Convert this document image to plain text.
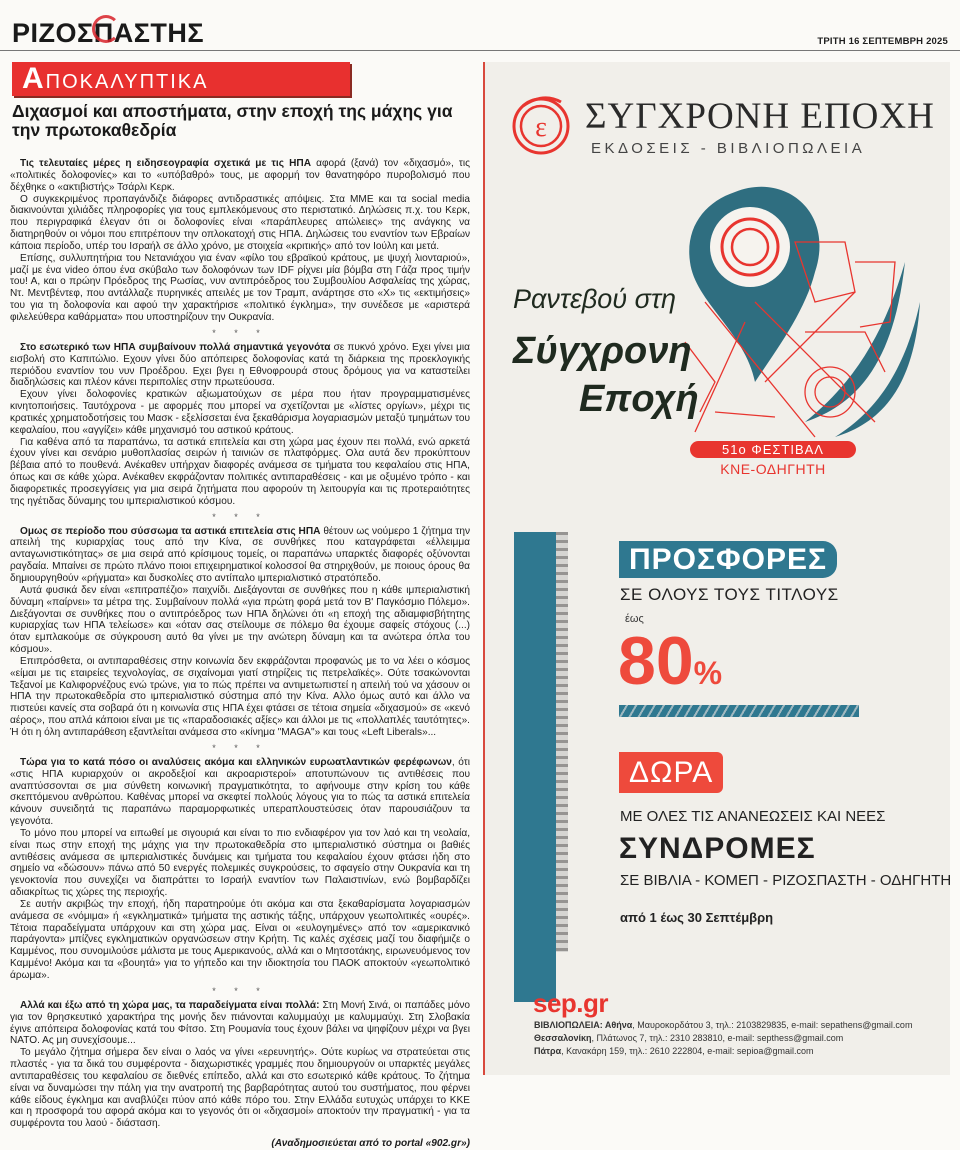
ΡΙΖΟΣΠΑΣΤΗΣ	ΤΡΙΤΗ 16 ΣΕΠΤΕΜΒΡΗ 2025
ΑΠΟΚΑΛΥΠΤΙΚΑ
Διχασμοί και αποστήματα, στην εποχή της μάχης για την πρωτοκαθεδρία

Τις τελευταίες μέρες η ειδησεογραφία σχετικά με τις ΗΠΑ αφορά (ξανά) τον «διχασμό», τις «πολιτικές δολοφονίες» και το «υπόβαθρό» τους, με αφορμή τον θανατηφόρο πυροβολισμό που δέχθηκε ο «ακτιβιστής» Τσάρλι Κερκ.

Ο συγκεκριμένος προπαγάνδιζε διάφορες αντιδραστικές απόψεις. Στα ΜΜΕ και τα social media διακινούνται χιλιάδες πληροφορίες για τους εμπλεκόμενους στο περιστατικό. Δηλώσεις π.χ. του Κερκ, που περιγραφικά έλεγαν ότι οι δολοφονίες είναι «παράπλευρες απώλειες» της ανάγκης να διατηρηθούν οι νόμοι που επιτρέπουν την οπλοκατοχή στις ΗΠΑ. Δηλώσεις του εναντίον των Εβραίων κάποια περίοδο, υπέρ του Ισραήλ σε άλλο χρόνο, με στοιχεία «κριτικής» από τον Ιούλη και μετά.

Επίσης, συλλυπητήρια του Νετανιάχου για έναν «φίλο του εβραϊκού κράτους, με ψυχή λιονταριού», μαζί με ένα video όπου ένα σκύβαλο των δολοφόνων των IDF ρίχνει μία βόμβα στη Γάζα προς τιμήν του! Α, και ο πρώην Πρόεδρος της Ρωσίας, νυν αντιπρόεδρος του Συμβουλίου Ασφαλείας της χώρας, Ντ. Μεντβέντεφ, που αντάλλαζε πυρηνικές απειλές με τον Τραμπ, ανάρτησε στο «Χ» τις «εκτιμήσεις» του για τη δολοφονία και αφού την χαρακτήρισε «πολιτικό έγκλημα», την συνέδεσε με «αριστερά φιλελεύθερα καθάρματα» που υποστηρίζουν την Ουκρανία.

* * *

Στο εσωτερικό των ΗΠΑ συμβαίνουν πολλά σημαντικά γεγονότα σε πυκνό χρόνο. Εχει γίνει μια εισβολή στο Καπιτώλιο. Εχουν γίνει δύο απόπειρες δολοφονίας κατά τη διάρκεια της προεκλογικής περιόδου εναντίον του νυν Προέδρου. Εχει βγει η Εθνοφρουρά στους δρόμους για να καταστείλει διαδηλώσεις και πλέον κάνει περιπολίες στην πρωτεύουσα.

Εχουν γίνει δολοφονίες κρατικών αξιωματούχων σε μέρα που ήταν προγραμματισμένες κινητοποιήσεις. Ταυτόχρονα - με αφορμές που μπορεί να σχετίζονται με «λίστες οργίων», μέχρι τις κρατικές χρηματοδοτήσεις του Μασκ - εξελίσσεται ένα ξεκαθάρισμα λογαριασμών μεταξύ τμημάτων του κεφαλαίου, που «αγγίζει» κάθε μηχανισμό του αστικού κράτους.

Για καθένα από τα παραπάνω, τα αστικά επιτελεία και στη χώρα μας έχουν πει πολλά, ενώ αρκετά έχουν γίνει και σενάριο μυθοπλασίας σειρών ή ταινιών σε πλατφόρμες. Ολα αυτά δεν προκύπτουν βέβαια από το πουθενά. Ανέκαθεν υπήρχαν διαφορές ανάμεσα σε τμήματα του κεφαλαίου στις ΗΠΑ, όπως και σε κάθε χώρα. Ανέκαθεν εκφράζονταν πολιτικές αντιπαραθέσεις - και με οξυμένο τρόπο - και διαφορετικές προσεγγίσεις για μια σειρά ζητήματα που αφορούν τη λειτουργία και τις προτεραιότητες της ηγέτιδας δύναμης του ιμπεριαλιστικού κόσμου.

* * *

Ομως σε περίοδο που σύσσωμα τα αστικά επιτελεία στις ΗΠΑ θέτουν ως νούμερο 1 ζήτημα την απειλή της κυριαρχίας τους από την Κίνα, σε συνθήκες που καταγράφεται «έλλειμμα ανταγωνιστικότητας» σε μια σειρά από κρίσιμους τομείς, οι παραπάνω υπαρκτές διαφορές οξύνονται ραγδαία. Μπαίνει σε πρώτο πλάνο ποιοι επιχειρηματικοί κολοσσοί θα στηριχθούν, με ποιους όρους θα δημιουργηθούν «ρήγματα» και δυσκολίες στο αντίπαλο ιμπεριαλιστικό στρατόπεδο.

Αυτά φυσικά δεν είναι «επιτραπέζιο» παιχνίδι. Διεξάγονται σε συνθήκες που η κάθε ιμπεριαλιστική δύναμη «παίρνει» τα μέτρα της. Συμβαίνουν πολλά «για πρώτη φορά μετά τον Β' Παγκόσμιο Πόλεμο». Διεξάγονται σε συνθήκες που ο αντιπρόεδρος των ΗΠΑ δηλώνει ότι «η εποχή της αδιαμφισβήτητης κυριαρχίας των ΗΠΑ τελείωσε» και «όταν σας στείλουμε σε πόλεμο θα έχουμε σαφείς στόχους (...) όταν εμπλακούμε σε σύγκρουση αυτό θα γίνει με την ανώτερη δύναμη και τα ανώτερα όπλα του κόσμου».

Επιπρόσθετα, οι αντιπαραθέσεις στην κοινωνία δεν εκφράζονται προφανώς με το να λέει ο κόσμος «είμαι με τις εταιρείες τεχνολογίας, σε σιχαίνομαι γιατί στηρίζεις τις πετρελαϊκές». Ούτε τσακώνονται Τεξανοί με Καλιφορνέζους ενώ τρώνε, για το πώς πρέπει να αντιμετωπιστεί η απειλή τού να χάσουν οι ΗΠΑ την πρωτοκαθεδρία στο ιμπεριαλιστικό σύστημα από την Κίνα. Αλλο όμως αυτό και άλλο να πιστεύει κανείς στα σοβαρά ότι η κοινωνία στις ΗΠΑ έχει φτάσει σε τέτοια σημεία «διχασμού» σε «κενό αέρος», που απλά κάποιοι είναι με τις «παραδοσιακές αξίες» και άλλοι με τις «πολλαπλές ταυτότητες». Ή ότι η όλη αντιπαράθεση εξαντλείται ανάμεσα στο «κίνημα "MAGA"» και τους «Left Liberals»...

* * *

Τώρα για το κατά πόσο οι αναλύσεις ακόμα και ελληνικών ευρωατλαντικών φερέφωνων, ότι «στις ΗΠΑ κυριαρχούν οι ακροδεξιοί και ακροαριστεροί» αποτυπώνουν τις αντιθέσεις που αναπτύσσονται σε μια σύνθετη κοινωνική πραγματικότητα, το αφήνουμε στην κρίση του κάθε σκεπτόμενου ανθρώπου. Καθένας μπορεί να σκεφτεί πολλούς λόγους για το πώς τα αστικά επιτελεία κάνουν συνειδητά τις παραπάνω παραμορφωτικές υπεραπλουστεύσεις όταν παρουσιάζουν τα γεγονότα.

Το μόνο που μπορεί να ειπωθεί με σιγουριά και είναι το πιο ενδιαφέρον για τον λαό και τη νεολαία, είναι πως στην εποχή της μάχης για την πρωτοκαθεδρία στο ιμπεριαλιστικό σύστημα οι βαθιές αντιθέσεις ανάμεσα σε ιμπεριαλιστικές δυνάμεις και τμήματα του κεφαλαίου έχουν φτάσει ήδη στο σημείο να «δώσουν» πάνω από 50 ενεργές πολεμικές συγκρούσεις, το σφαγείο στην Ουκρανία και τη γενοκτονία που συνεχίζει να διαπράττει το Ισραήλ εναντίον των Παλαιστινίων, ενώ βομβαρδίζει αδιακρίτως τις χώρες της περιοχής.

Σε αυτήν ακριβώς την εποχή, ήδη παρατηρούμε ότι ακόμα και στα ξεκαθαρίσματα λογαριασμών ανάμεσα σε «νόμιμα» ή «εγκληματικά» τμήματα της αστικής τάξης, υπάρχουν γεωπολιτικές «ουρές». Τέτοια παραδείγματα υπάρχουν και στη χώρα μας. Είναι οι «ευλογημένες» από τον «αμερικανικό παράγοντα» μπίζνες εγκληματικών οργανώσεων στην Κρήτη. Τις καλές σχέσεις μαζί του διαφήμιζε ο Καμμένος, που συνομιλούσε μάλιστα με τους Αμερικανούς, αλλά και ο Μητσοτάκης, ειρωνευόμενος τον Καμμένο! Ακόμα και τα «βουητά» για το γήπεδο και την ιδιοκτησία του ΠΑΟΚ αποκτούν «γεωπολιτικό άρωμα».

* * *

Αλλά και έξω από τη χώρα μας, τα παραδείγματα είναι πολλά: Στη Μονή Σινά, οι παπάδες μόνο για τον θρησκευτικό χαρακτήρα της μονής δεν πιάνονται καλυμμαύχι με καλυμμαύχι. Στη Σλοβακία έγινε απόπειρα δολοφονίας κατά του Φίτσο. Στη Ρουμανία τους έχουν βάλει να ψηφίζουν μέχρι να βγει ΝΑΤΟ. Ας μη συνεχίσουμε...

Το μεγάλο ζήτημα σήμερα δεν είναι ο λαός να γίνει «ερευνητής». Ούτε κυρίως να στρατεύεται στις πλαστές - για τα δικά του συμφέροντα - διαχωριστικές γραμμές που δημιουργούν οι υπαρκτές μεγάλες αντιπαραθέσεις του κεφαλαίου σε διεθνές επίπεδο, αλλά και στο εσωτερικό κάθε κράτους. Το ζήτημα είναι να δυναμώσει την πάλη για την ανατροπή της βαρβαρότητας αυτού του συστήματος, που φέρνει κάθε είδους έγκλημα και αναβλύζει πύον από κάθε πόρο του. Στην Ελλάδα ευτυχώς υπάρχει το ΚΚΕ και η προσφορά του αφορά ακόμα και το γεγονός ότι οι «διχασμοί» αποκτούν την πραγματική - για τα συμφέροντα του λαού - διάσταση.

(Αναδημοσιεύεται από το portal «902.gr»)
ε ΣΥΓΧΡΟΝΗ ΕΠΟΧΗ
ΕΚΔΟΣΕΙΣ - ΒΙΒΛΙΟΠΩΛΕΙΑ
Ραντεβού στη
Σύγχρονη
Εποχή
51ο ΦΕΣΤΙΒΑΛ
ΚΝΕ-ΟΔΗΓΗΤΗ
ΠΡΟΣΦΟΡΕΣ
ΣΕ ΟΛΟΥΣ ΤΟΥΣ ΤΙΤΛΟΥΣ
έως
80%
ΔΩΡΑ
ΜΕ ΟΛΕΣ ΤΙΣ ΑΝΑΝΕΩΣΕΙΣ ΚΑΙ ΝΕΕΣ
ΣΥΝΔΡΟΜΕΣ
ΣΕ ΒΙΒΛΙΑ - ΚΟΜΕΠ - ΡΙΖΟΣΠΑΣΤΗ - ΟΔΗΓΗΤΗ
από 1 έως 30 Σεπτέμβρη
sep.gr
ΒΙΒΛΙΟΠΩΛΕΙΑ: Αθήνα, Μαυροκορδάτου 3, τηλ.: 2103829835, e-mail: sepathens@gmail.com
Θεσσαλονίκη, Πλάτωνος 7, τηλ.: 2310 283810, e-mail: septhess@gmail.com
Πάτρα, Κανακάρη 159, τηλ.: 2610 222804, e-mail: sepioa@gmail.com
